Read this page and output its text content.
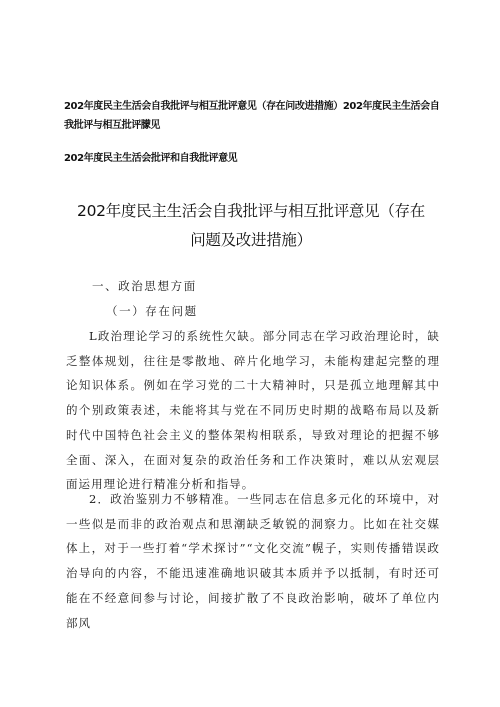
202年度民主生活会自我批评与相互批评意见（存在问改进措施）202年度民主生活会自我批评与相互批评朦见
202年度民主生活会批评和自我批评意见
202年度民主生活会自我批评与相互批评意见（存在问题及改进措施）
一、政治思想方面
（一）存在问题
L政治理论学习的系统性欠缺。部分同志在学习政治理论时，缺乏整体规划，往往是零散地、碎片化地学习，未能构建起完整的理论知识体系。例如在学习党的二十大精神时，只是孤立地理解其中的个别政策表述，未能将其与党在不同历史时期的战略布局以及新时代中国特色社会主义的整体架构相联系，导致对理论的把握不够全面、深入，在面对复杂的政治任务和工作决策时，难以从宏观层面运用理论进行精准分析和指导。
2．政治鉴别力不够精准。一些同志在信息多元化的环境中，对一些似是而非的政治观点和思潮缺乏敏锐的洞察力。比如在社交媒体上，对于一些打着“学术探讨”“文化交流”幌子，实则传播错误政治导向的内容，不能迅速准确地识破其本质并予以抵制，有时还可能在不经意间参与讨论，间接扩散了不良政治影响，破坏了单位内部风
